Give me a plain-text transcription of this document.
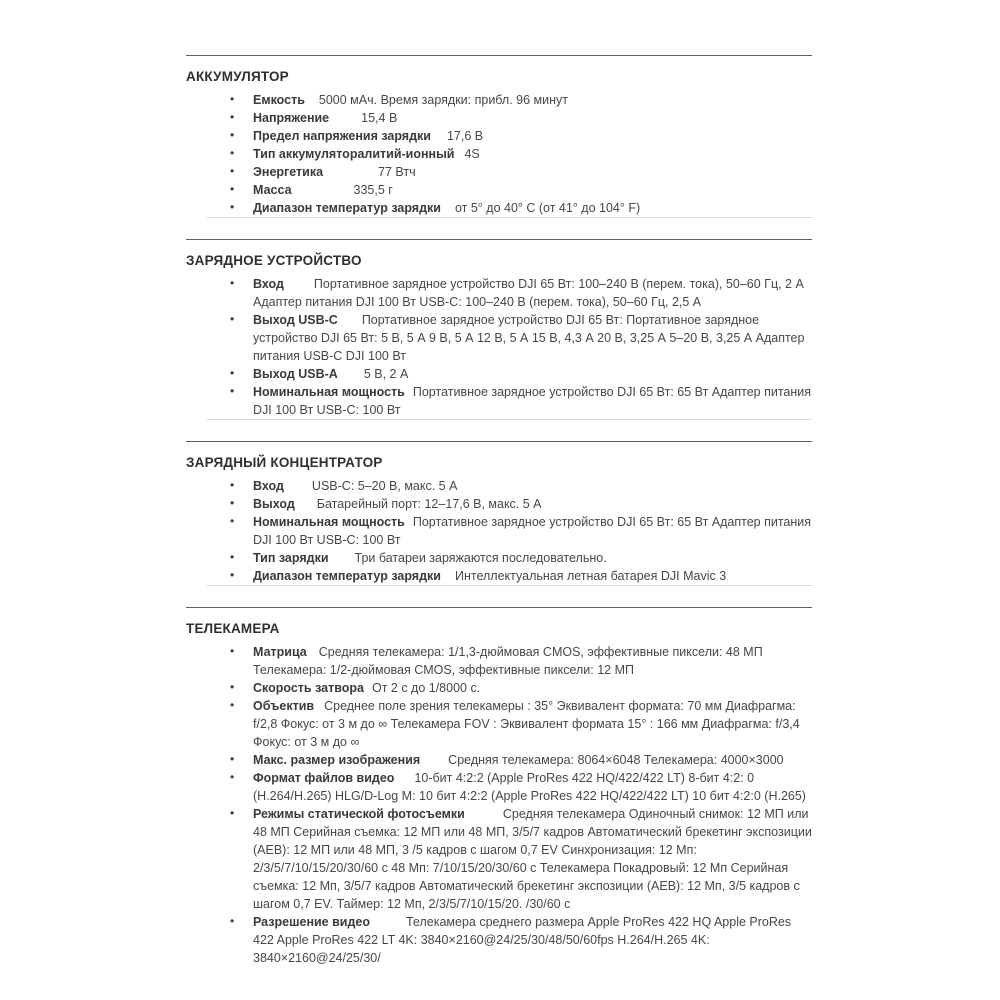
АККУМУЛЯТОР
• Емкость 5000 мАч. Время зарядки: прибл. 96 минут
• Напряжение	15,4 В
• Предел напряжения зарядки 17,6 В
• Тип аккумуляторалитий-ионный 4S
• Энергетика	77 Втч
• Масса	335,5 г
• Диапазон температур зарядки от 5° до 40° C (от 41° до 104° F)
ЗАРЯДНОЕ УСТРОЙСТВО
• Вход Портативное зарядное устройство DJI 65 Вт: 100–240 В (перем. тока), 50–60 Гц, 2 А Адаптер питания DJI 100 Вт USB-C: 100–240 В (перем. тока), 50–60 Гц, 2,5 А
• Выход USB-C Портативное зарядное устройство DJI 65 Вт: Портативное зарядное устройство DJI 65 Вт: 5 В, 5 А 9 В, 5 А 12 В, 5 А 15 В, 4,3 А 20 В, 3,25 А 5–20 В, 3,25 А Адаптер питания USB-C DJI 100 Вт
• Выход USB-A 5 В, 2 А
• Номинальная мощность Портативное зарядное устройство DJI 65 Вт: 65 Вт Адаптер питания DJI 100 Вт USB-C: 100 Вт
ЗАРЯДНЫЙ КОНЦЕНТРАТОР
• Вход USB-C: 5–20 В, макс. 5 А
• Выход Батарейный порт: 12–17,6 В, макс. 5 А
• Номинальная мощность Портативное зарядное устройство DJI 65 Вт: 65 Вт Адаптер питания DJI 100 Вт USB-C: 100 Вт
• Тип зарядки Три батареи заряжаются последовательно.
• Диапазон температур зарядки Интеллектуальная летная батарея DJI Mavic 3
ТЕЛЕКАМЕРА
• Матрица Средняя телекамера: 1/1,3-дюймовая CMOS, эффективные пиксели: 48 МП Телекамера: 1/2-дюймовая CMOS, эффективные пиксели: 12 МП
• Скорость затвора От 2 с до 1/8000 с.
• Объектив Среднее поле зрения телекамеры : 35° Эквивалент формата: 70 мм Диафрагма: f/2,8 Фокус: от 3 м до ∞ Телекамера FOV : Эквивалент формата 15° : 166 мм Диафрагма: f/3,4 Фокус: от 3 м до ∞
• Макс. размер изображения Средняя телекамера: 8064×6048 Телекамера: 4000×3000
• Формат файлов видео 10-бит 4:2:2 (Apple ProRes 422 HQ/422/422 LT) 8-бит 4:2: 0 (H.264/H.265) HLG/D-Log M: 10 бит 4:2:2 (Apple ProRes 422 HQ/422/422 LT) 10 бит 4:2:0 (H.265)
• Режимы статической фотосъемки	Средняя телекамера Одиночный снимок: 12 МП или 48 МП Серийная съемка: 12 МП или 48 МП, 3/5/7 кадров Автоматический брекетинг экспозиции (AEB): 12 МП или 48 МП, 3 /5 кадров с шагом 0,7 EV Синхронизация: 12 Мп: 2/3/5/7/10/15/20/30/60 с 48 Мп: 7/10/15/20/30/60 с Телекамера Покадровый: 12 Мп Серийная съемка: 12 Мп, 3/5/7 кадров Автоматический брекетинг экспозиции (AEB): 12 Мп, 3/5 кадров с шагом 0,7 EV. Таймер: 12 Мп, 2/3/5/7/10/15/20. /30/60 с
• Разрешение видео	Телекамера среднего размера Apple ProRes 422 HQ Apple ProRes 422 Apple ProRes 422 LT 4K: 3840×2160@24/25/30/48/50/60fps H.264/H.265 4K: 3840×2160@24/25/30/
